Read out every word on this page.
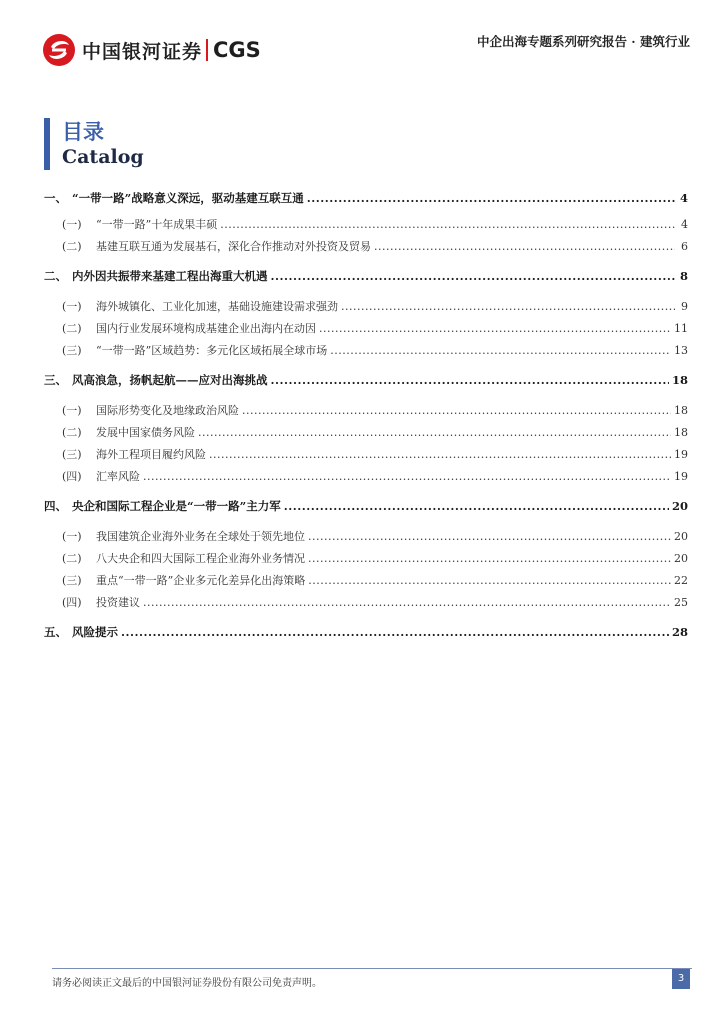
中国银河证券 CGS	中企出海专题系列研究报告 · 建筑行业
目录
Catalog
一、 “一带一路”战略意义深远，驱动基建互联互通 .....	4
(一)	“一带一路”十年成果丰硕 .....	4
(二)	基建互联互通为发展基石，深化合作推动对外投资及贸易 .....	6
二、 内外因共振带来基建工程出海重大机遇 .....	8
(一)	海外城镇化、工业化加速，基础设施建设需求强劲 .....	9
(二)	国内行业发展环境构成基建企业出海内在动因 .....	11
(三)	“一带一路”区域趋势：多元化区域拓展全球市场 .....	13
三、 风高浪急，扬帆起航——应对出海挑战 .....	18
(一)	国际形势变化及地缘政治风险 .....	18
(二)	发展中国家债务风险 .....	18
(三)	海外工程项目履约风险 .....	19
(四)	汇率风险 .....	19
四、 央企和国际工程企业是“一带一路”主力军 .....	20
(一)	我国建筑企业海外业务在全球处于领先地位 .....	20
(二)	八大央企和四大国际工程企业海外业务情况 .....	20
(三)	重点“一带一路”企业多元化差异化出海策略 .....	22
(四)	投资建议 .....	25
五、 风险提示 .....	28
请务必阅读正文最后的中国银河证券股份有限公司免责声明。	3
